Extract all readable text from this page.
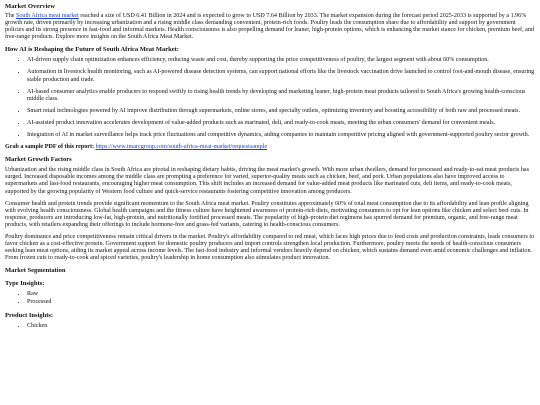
Market Overview

The South Africa meat market reached a size of USD 6.41 Billion in 2024 and is expected to grow to USD 7.64 Billion by 2033. The market expansion during the forecast period 2025-2033 is supported by a 1.96% growth rate, driven primarily by increasing urbanization and a rising middle class demanding convenient, protein-rich foods. Poultry leads the consumption share due to affordability and support by government policies and its strong presence in fast-food and informal markets. Health consciousness is also propelling demand for leaner, high-protein options, which is enhancing the market stance for chicken, premium beef, and free-range products. Explore more insights on the South Africa Meat Market.

How AI is Reshaping the Future of South Africa Meat Market:
• AI-driven supply chain optimization enhances efficiency, reducing waste and cost, thereby supporting the price competitiveness of poultry, the largest segment with about 60% consumption.
• Automation in livestock health monitoring, such as AI-powered disease detection systems, can support national efforts like the livestock vaccination drive launched to control foot-and-mouth disease, ensuring stable production and trade.
• AI-based consumer analytics enable producers to respond swiftly to rising health trends by developing and marketing leaner, high-protein meat products tailored to South Africa's growing health-conscious middle class.
• Smart retail technologies powered by AI improve distribution through supermarkets, online stores, and specialty outlets, optimizing inventory and boosting accessibility of both raw and processed meats.
• AI-assisted product innovation accelerates development of value-added products such as marinated, deli, and ready-to-cook meats, meeting the urban consumers' demand for convenient meals.
• Integration of AI in market surveillance helps track price fluctuations and competitive dynamics, aiding companies to maintain competitive pricing aligned with government-supported poultry sector growth.
Grab a sample PDF of this report: https://www.imarcgroup.com/south-africa-meat-market/requestsample
Market Growth Factors

Urbanization and the rising middle class in South Africa are pivotal in reshaping dietary habits, driving the meat market's growth. With more urban dwellers, demand for processed and ready-to-eat meat products has surged. Increased disposable incomes among the middle class are prompting a preference for varied, superior-quality meats such as chicken, beef, and pork. Urban populations also have improved access to supermarkets and fast-food restaurants, encouraging higher meat consumption. This shift includes an increased demand for value-added meat products like marinated cuts, deli items, and ready-to-cook meats, supported by the growing popularity of Western food culture and quick-service restaurants fostering competitive innovation among producers.

Consumer health and protein trends provide significant momentum to the South Africa meat market. Poultry constitutes approximately 60% of total meat consumption due to its affordability and lean profile aligning with evolving health consciousness. Global health campaigns and the fitness culture have heightened awareness of protein-rich diets, motivating consumers to opt for lean options like chicken and select beef cuts. In response, producers are introducing low-fat, high-protein, and nutritionally fortified processed meats. The popularity of high-protein diet regimens has spurred demand for premium, organic, and free-range meat products, with retailers expanding their offerings to include hormone-free and grass-fed variants, catering to health-conscious consumers.

Poultry dominance and price competitiveness remain critical drivers in the market. Poultry's affordability compared to red meat, which faces high prices due to feed costs and production constraints, leads consumers to favor chicken as a cost-effective protein. Government support for domestic poultry producers and import controls strengthen local production. Furthermore, poultry meets the needs of health-conscious consumers seeking lean meat options, aiding its market appeal across income levels. The fast-food industry and informal vendors heavily depend on chicken, which sustains demand even amid economic challenges and inflation. From frozen cuts to ready-to-cook and spiced varieties, poultry's leadership in home consumption also stimulates product innovation.

Market Segmentation
Type Insights:
• Raw
• Processed
Product Insights:
• Chicken
